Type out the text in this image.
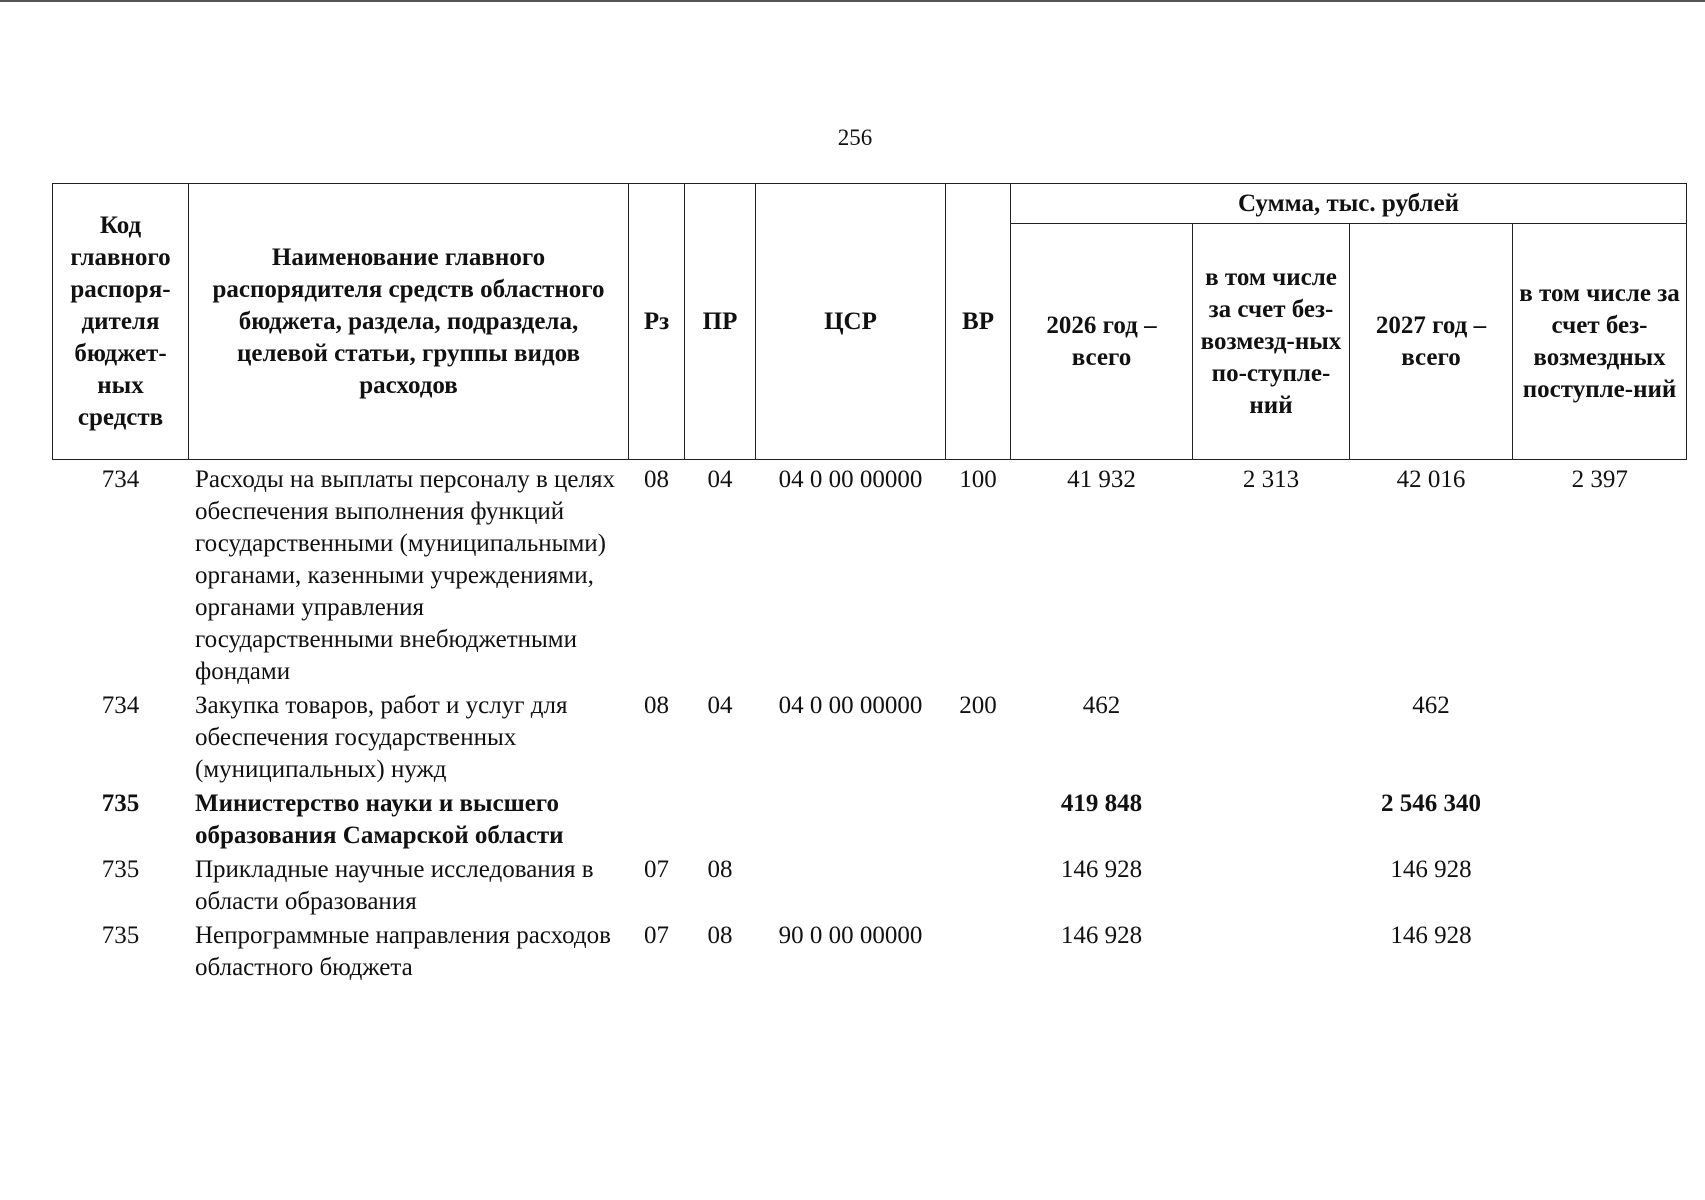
256
Код главного распоря-дителя бюджет-ных средств	Наименование главного распорядителя средств областного бюджета, раздела, подраздела, целевой статьи, группы видов расходов	Рз	ПР	ЦСР	ВР	Сумма, тыс. рублей			
						2026 год – всего	в том числе за счет без-возмезд-ных по-ступле-ний	2027 год – всего	в том числе за счет без-возмездных поступле-ний
734	Расходы на выплаты персоналу в целях обеспечения выполнения функций государственными (муниципальными) органами, казенными учреждениями, органами управления государственными внебюджетными фондами	08	04	04 0 00 00000	100	41 932	2 313	42 016	2 397
734	Закупка товаров, работ и услуг для обеспечения государственных (муниципальных) нужд	08	04	04 0 00 00000	200	462		462	
735	Министерство науки и высшего образования Самарской области					419 848		2 546 340	
735	Прикладные научные исследования в области образования	07	08			146 928		146 928	
735	Непрограммные направления расходов областного бюджета	07	08	90 0 00 00000		146 928		146 928	
